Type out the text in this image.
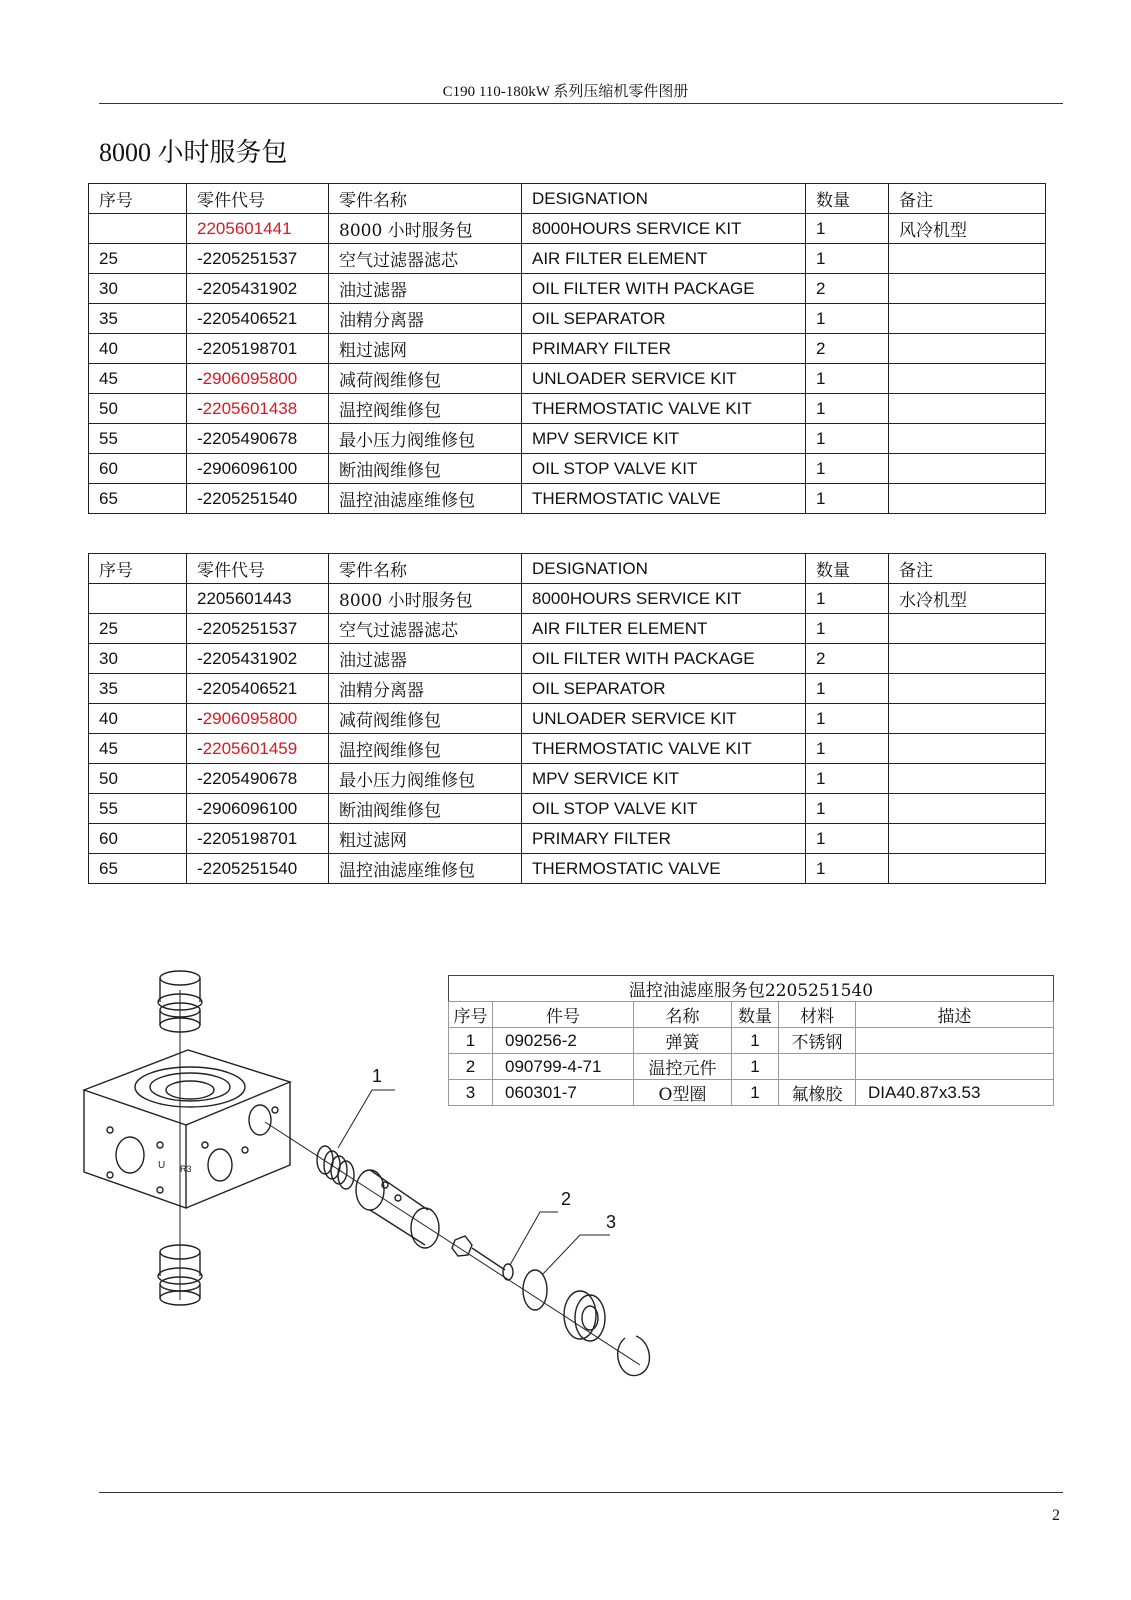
C190 110-180kW 系列压缩机零件图册
8000 小时服务包
序号	零件代号	零件名称	DESIGNATION	数量	备注
	2205601441	8000 小时服务包	8000HOURS SERVICE KIT	1	风冷机型
25	-2205251537	空气过滤器滤芯	AIR FILTER ELEMENT	1	
30	-2205431902	油过滤器	OIL FILTER WITH PACKAGE	2	
35	-2205406521	油精分离器	OIL SEPARATOR	1	
40	-2205198701	粗过滤网	PRIMARY FILTER	2	
45	-2906095800	减荷阀维修包	UNLOADER SERVICE KIT	1	
50	-2205601438	温控阀维修包	THERMOSTATIC VALVE KIT	1	
55	-2205490678	最小压力阀维修包	MPV SERVICE KIT	1	
60	-2906096100	断油阀维修包	OIL STOP VALVE KIT	1	
65	-2205251540	温控油滤座维修包	THERMOSTATIC VALVE	1	
序号	零件代号	零件名称	DESIGNATION	数量	备注
	2205601443	8000 小时服务包	8000HOURS SERVICE KIT	1	水冷机型
25	-2205251537	空气过滤器滤芯	AIR FILTER ELEMENT	1	
30	-2205431902	油过滤器	OIL FILTER WITH PACKAGE	2	
35	-2205406521	油精分离器	OIL SEPARATOR	1	
40	-2906095800	减荷阀维修包	UNLOADER SERVICE KIT	1	
45	-2205601459	温控阀维修包	THERMOSTATIC VALVE KIT	1	
50	-2205490678	最小压力阀维修包	MPV SERVICE KIT	1	
55	-2906096100	断油阀维修包	OIL STOP VALVE KIT	1	
60	-2205198701	粗过滤网	PRIMARY FILTER	1	
65	-2205251540	温控油滤座维修包	THERMOSTATIC VALVE	1	
温控油滤座服务包2205251540					
序号	件号	名称	数量	材料	描述
1	090256-2	弹簧	1	不锈钢	
2	090799-4-71	温控元件	1		
3	060301-7	O型圈	1	氟橡胶	DIA40.87x3.53
1
2
3
U R3
2
